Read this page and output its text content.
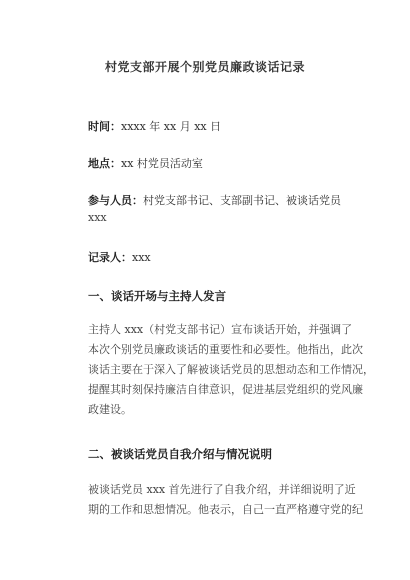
村党支部开展个别党员廉政谈话记录
时间：xxxx 年 xx 月 xx 日
地点：xx 村党员活动室
参与人员：村党支部书记、支部副书记、被谈话党员
xxx
记录人：xxx
一、谈话开场与主持人发言
主持人 xxx（村党支部书记）宣布谈话开始，并强调了
本次个别党员廉政谈话的重要性和必要性。他指出，此次
谈话主要在于深入了解被谈话党员的思想动态和工作情况，
提醒其时刻保持廉洁自律意识，促进基层党组织的党风廉
政建设。
二、被谈话党员自我介绍与情况说明
被谈话党员 xxx 首先进行了自我介绍，并详细说明了近
期的工作和思想情况。他表示，自己一直严格遵守党的纪
